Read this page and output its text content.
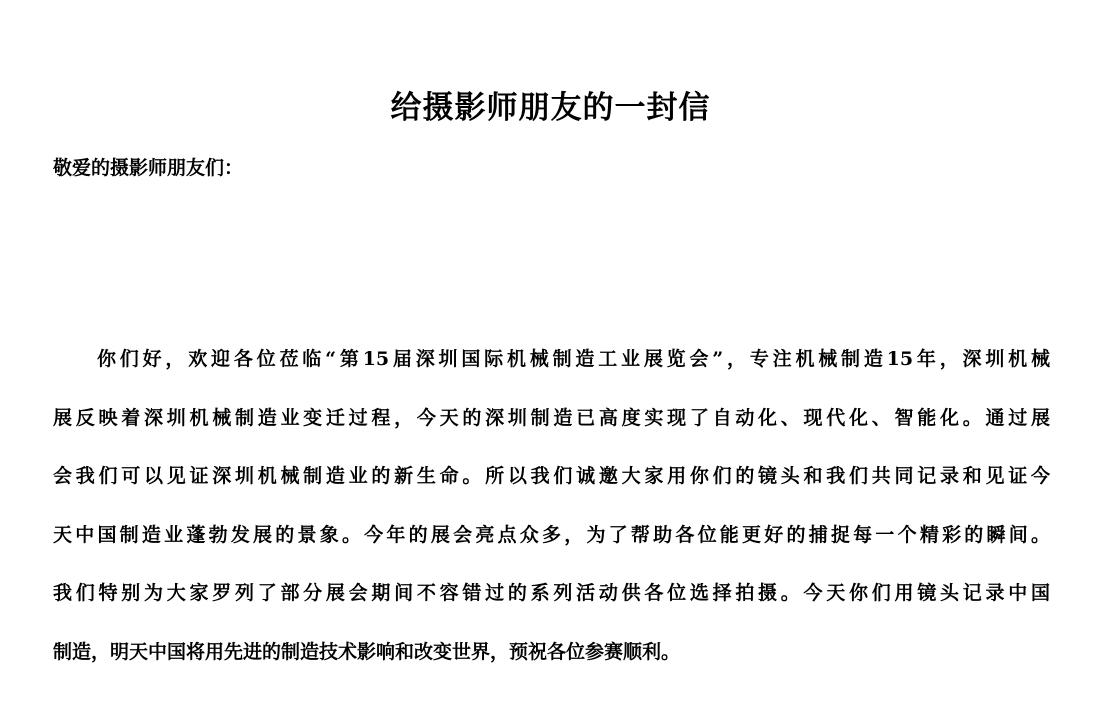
给摄影师朋友的一封信
敬爱的摄影师朋友们：
你们好，欢迎各位莅临“第15届深圳国际机械制造工业展览会”，专注机械制造15年，深圳机械
展反映着深圳机械制造业变迁过程，今天的深圳制造已高度实现了自动化、现代化、智能化。通过展
会我们可以见证深圳机械制造业的新生命。所以我们诚邀大家用你们的镜头和我们共同记录和见证今
天中国制造业蓬勃发展的景象。今年的展会亮点众多，为了帮助各位能更好的捕捉每一个精彩的瞬间。
我们特别为大家罗列了部分展会期间不容错过的系列活动供各位选择拍摄。今天你们用镜头记录中国
制造，明天中国将用先进的制造技术影响和改变世界，预祝各位参赛顺利。
